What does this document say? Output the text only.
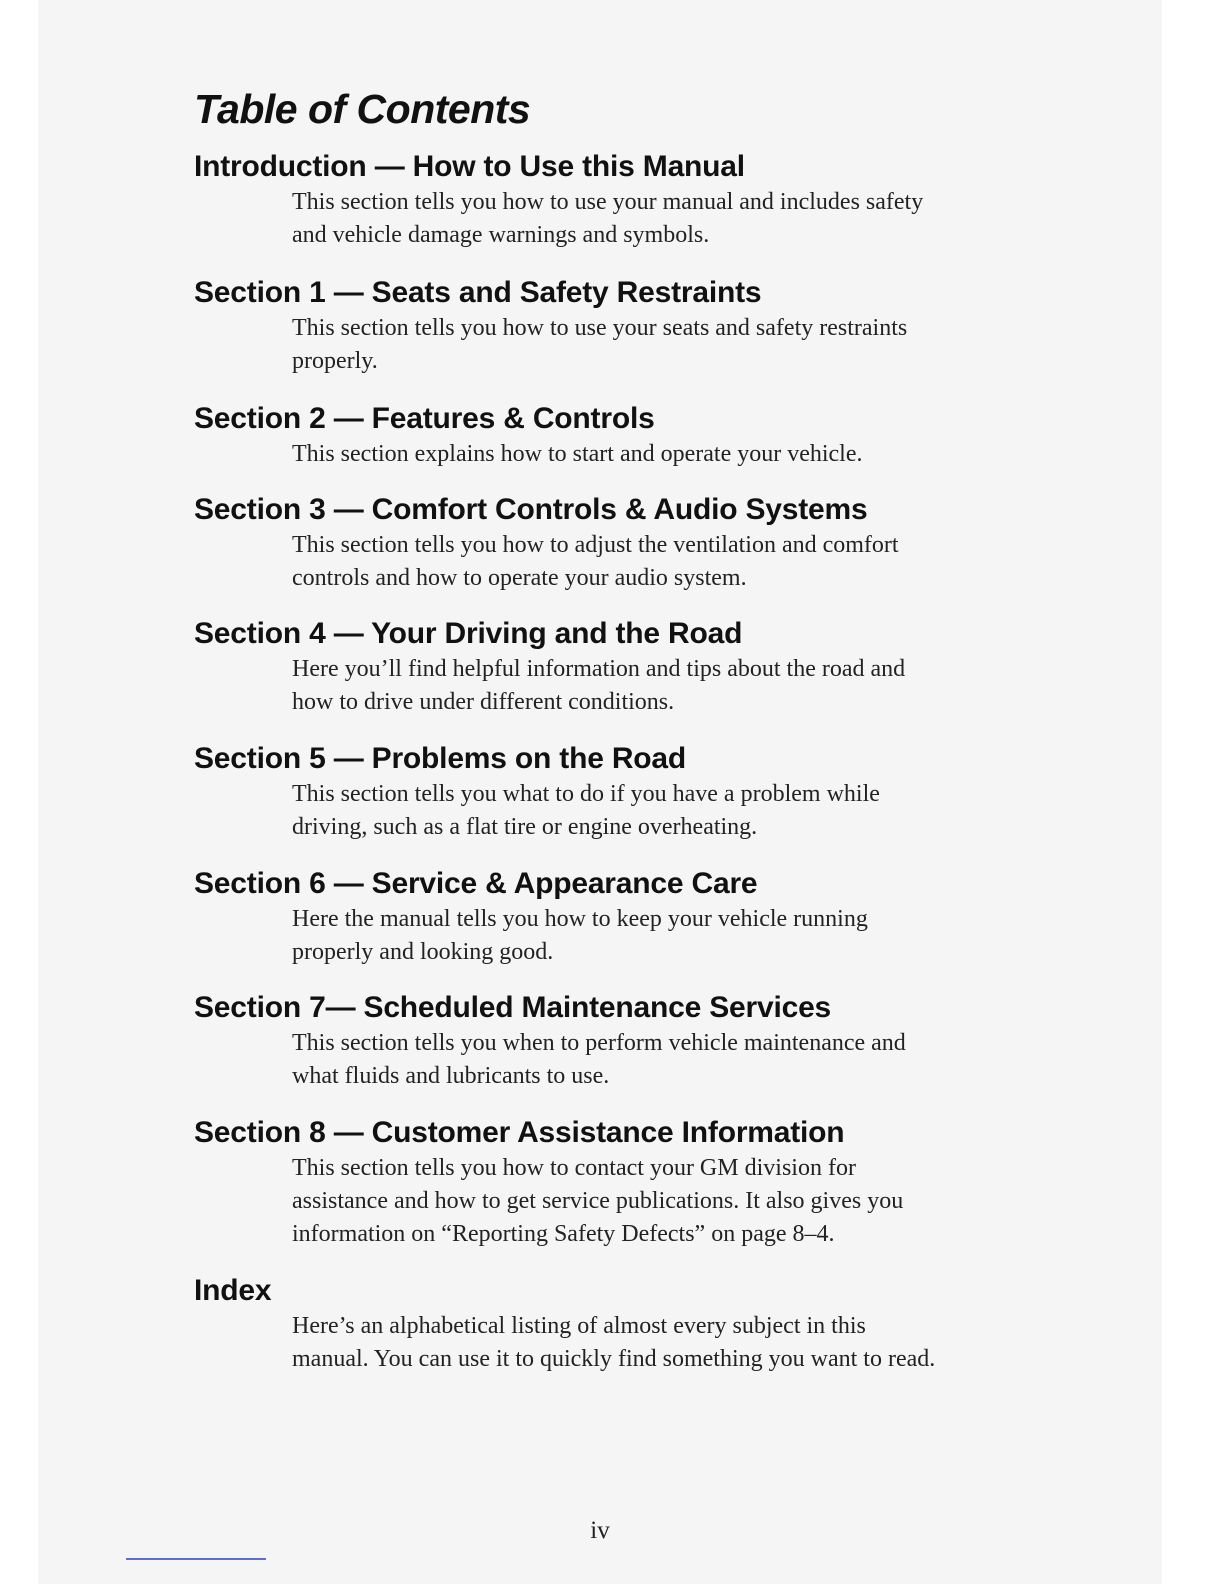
Table of Contents
Introduction — How to Use this Manual
This section tells you how to use your manual and includes safety
and vehicle damage warnings and symbols.
Section 1 — Seats and Safety Restraints
This section tells you how to use your seats and safety restraints
properly.
Section 2 — Features & Controls
This section explains how to start and operate your vehicle.
Section 3 — Comfort Controls & Audio Systems
This section tells you how to adjust the ventilation and comfort
controls and how to operate your audio system.
Section 4 — Your Driving and the Road
Here you’ll find helpful information and tips about the road and
how to drive under different conditions.
Section 5 — Problems on the Road
This section tells you what to do if you have a problem while
driving, such as a flat tire or engine overheating.
Section 6 — Service & Appearance Care
Here the manual tells you how to keep your vehicle running
properly and looking good.
Section 7— Scheduled Maintenance Services
This section tells you when to perform vehicle maintenance and
what fluids and lubricants to use.
Section 8 — Customer Assistance Information
This section tells you how to contact your GM division for
assistance and how to get service publications. It also gives you
information on “Reporting Safety Defects” on page 8–4.
Index
Here’s an alphabetical listing of almost every subject in this
manual. You can use it to quickly find something you want to read.
iv
